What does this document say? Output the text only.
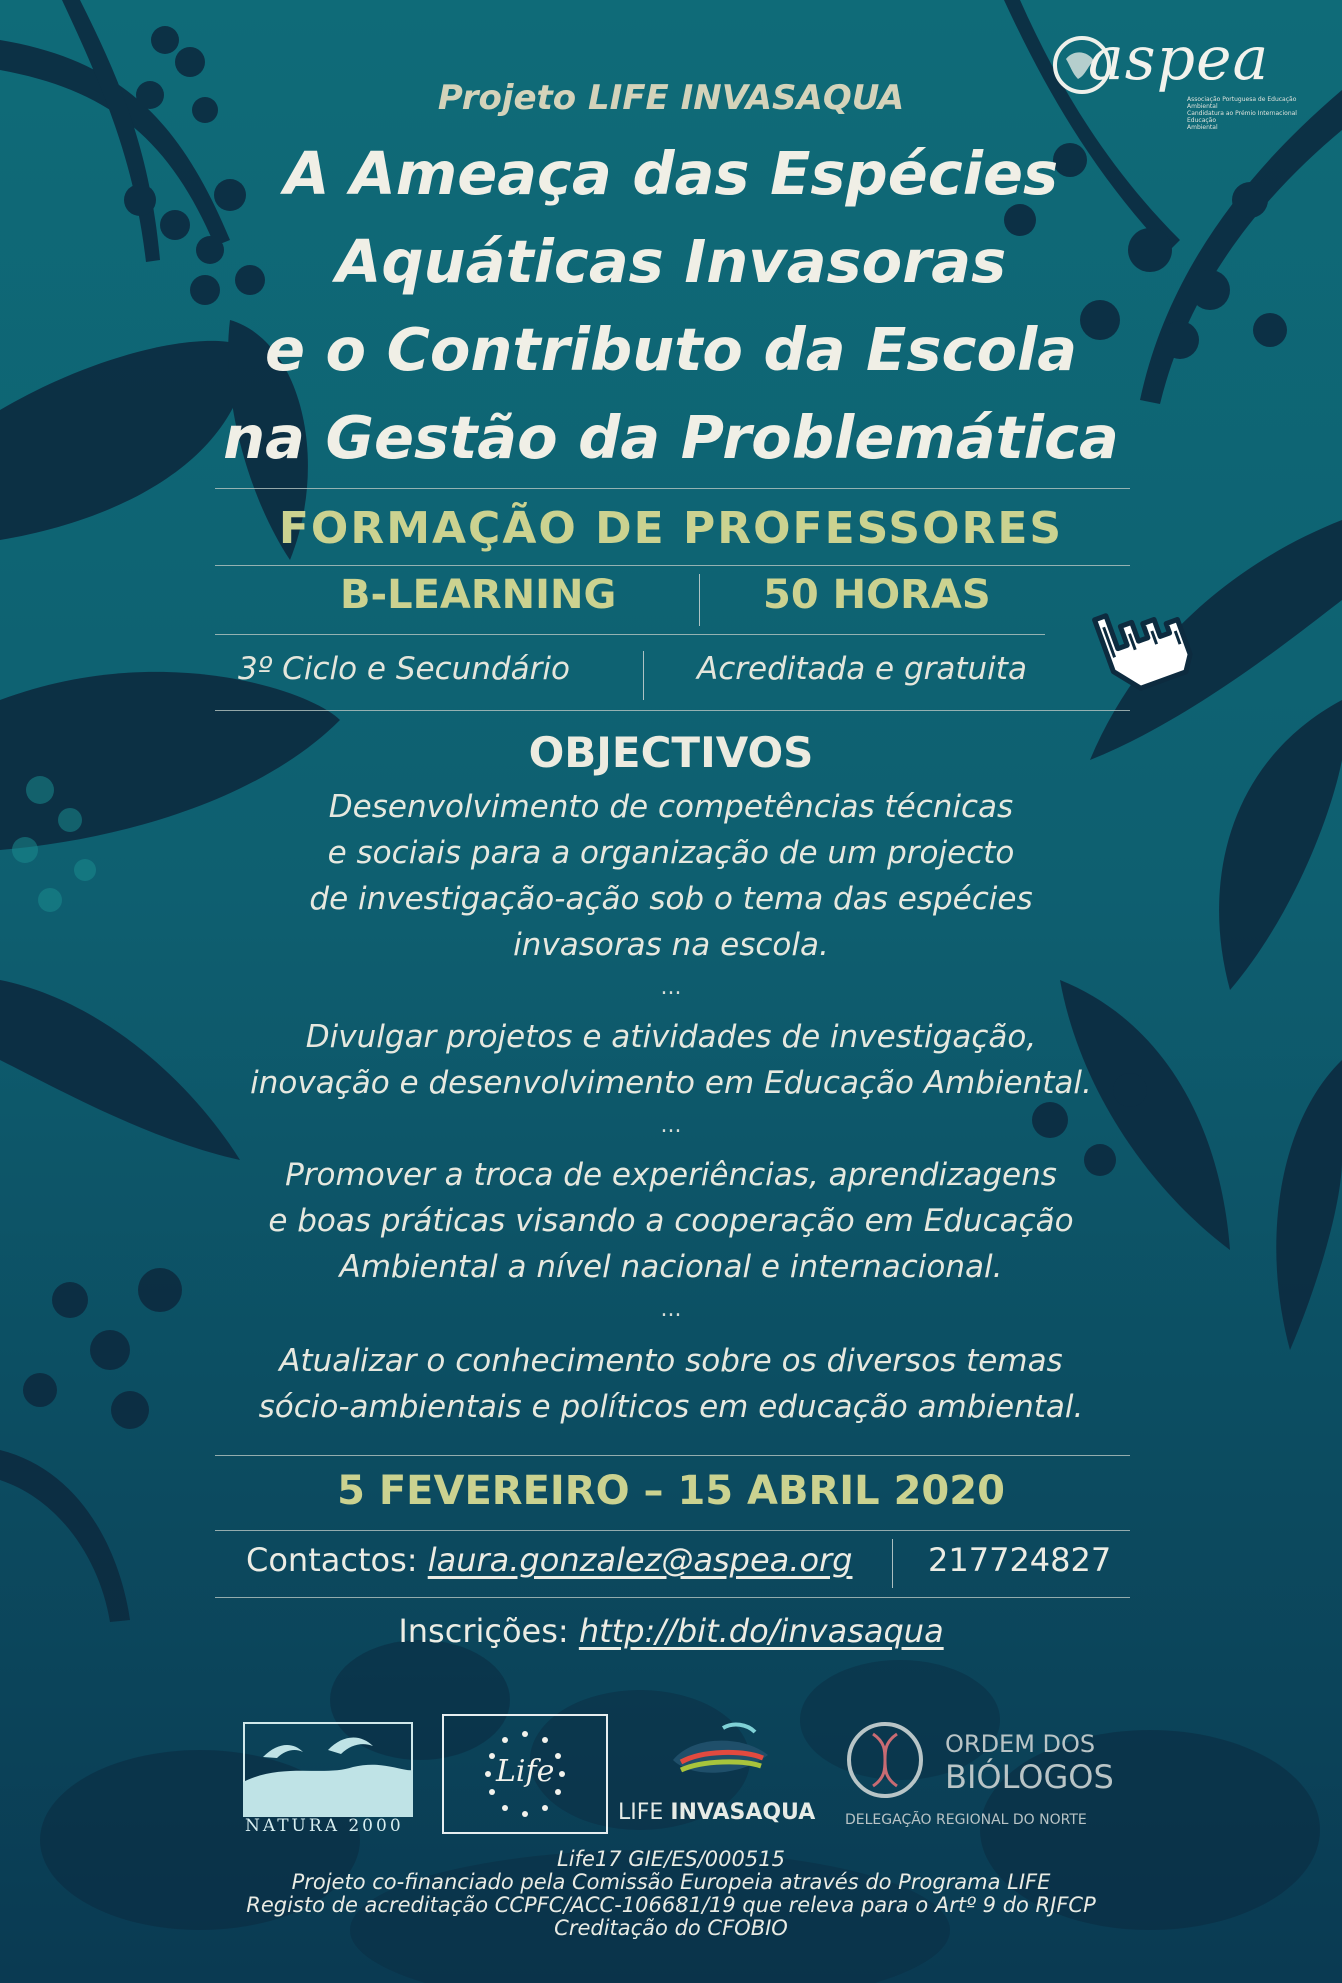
aspea
Associação Portuguesa de Educação Ambiental
Candidatura ao Prémio Internacional Educação
Ambiental
Projeto LIFE INVASAQUA
A Ameaça das Espécies
Aquáticas Invasoras
e o Contributo da Escola
na Gestão da Problemática
FORMAÇÃO DE PROFESSORES
B-LEARNING	50 HORAS
3º Ciclo e Secundário	Acreditada e gratuita
OBJECTIVOS
Desenvolvimento de competências técnicas
e sociais para a organização de um projecto
de investigação-ação sob o tema das espécies
invasoras na escola.
...
Divulgar projetos e atividades de investigação,
inovação e desenvolvimento em Educação Ambiental.
...
Promover a troca de experiências, aprendizagens
e boas práticas visando a cooperação em Educação
Ambiental a nível nacional e internacional.
...
Atualizar o conhecimento sobre os diversos temas
sócio-ambientais e políticos em educação ambiental.
5 FEVEREIRO – 15 ABRIL 2020
Contactos: laura.gonzalez@aspea.org 217724827
Inscrições: http://bit.do/invasaqua
NATURA 2000
Life
LIFE INVASAQUA
ORDEM DOS
BIÓLOGOS
DELEGAÇÃO REGIONAL DO NORTE
Life17 GIE/ES/000515
Projeto co-financiado pela Comissão Europeia através do Programa LIFE
Registo de acreditação CCPFC/ACC-106681/19 que releva para o Artº 9 do RJFCP
Creditação do CFOBIO
